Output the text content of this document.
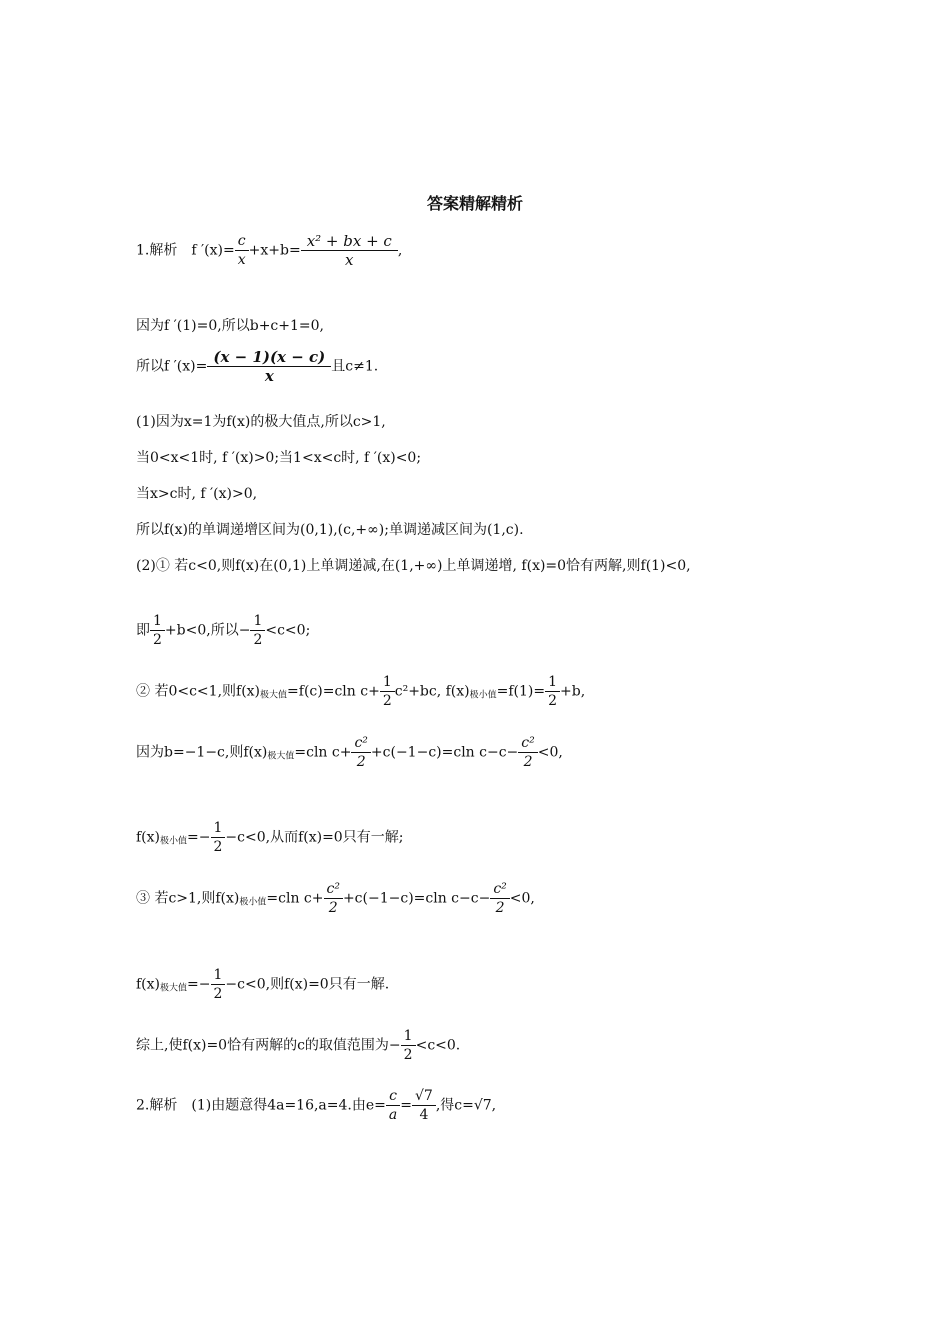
答案精解精析
1.解析　f $'(x)= \frac{c}{x} +x+b= \frac{\text{x² + bx + c}}{x}$ ,
因为f ′(1)=0,所以b+c+1=0,
所以f $'(x)= \frac{(x - 1)(x - c)}{x}$ 且c≠1.
(1)因为x=1为f(x)的极大值点,所以c>1,
当0<x<1时, f ′(x)>0;当1<x<c时, f ′(x)<0;
当x>c时, f ′(x)>0,
所以f(x)的单调递增区间为(0,1),(c,+∞);单调递减区间为(1,c).
(2)① 若c<0,则f(x)在(0,1)上单调递减,在(1,+∞)上单调递增, f(x)=0恰有两解,则f(1)<0,
即 $\frac{1}{2} +b<0$,所以− $\frac{1}{2} <c<0$;
② 若0<c<1,则$f(x)_{极大值}=f(c)=cln$ $c+ \frac{1}{2} c^2+bc$, $f(x)_{极小值}=f(1)= \frac{1}{2} +b$,
因为b=−1−c,则$f(x)_{极大值}=cln$ $c+ \frac{\text{c²}}{2} +c(-1-c)=cln$ $c-c- \frac{\text{c²}}{2} <0$,
$f(x)_{极小值}=- \frac{1}{2} -c<0$,从而f(x)=0只有一解;
③ 若c>1,则$f(x)_{极小值}=cln$ $c+ \frac{\text{c²}}{2} +c(-1-c)=cln$ $c-c- \frac{\text{c²}}{2} <0$,
$f(x)_{极大值}=- \frac{1}{2} -c<0$,则f(x)=0只有一解.
综上,使f(x)=0恰有两解的c的取值范围为− $\frac{1}{2} <c<0$.
2.解析　(1)由题意得4a=16,a=4.由$e= \frac{c}{a} = \frac{√7}{4}$ ,得c=√7,
